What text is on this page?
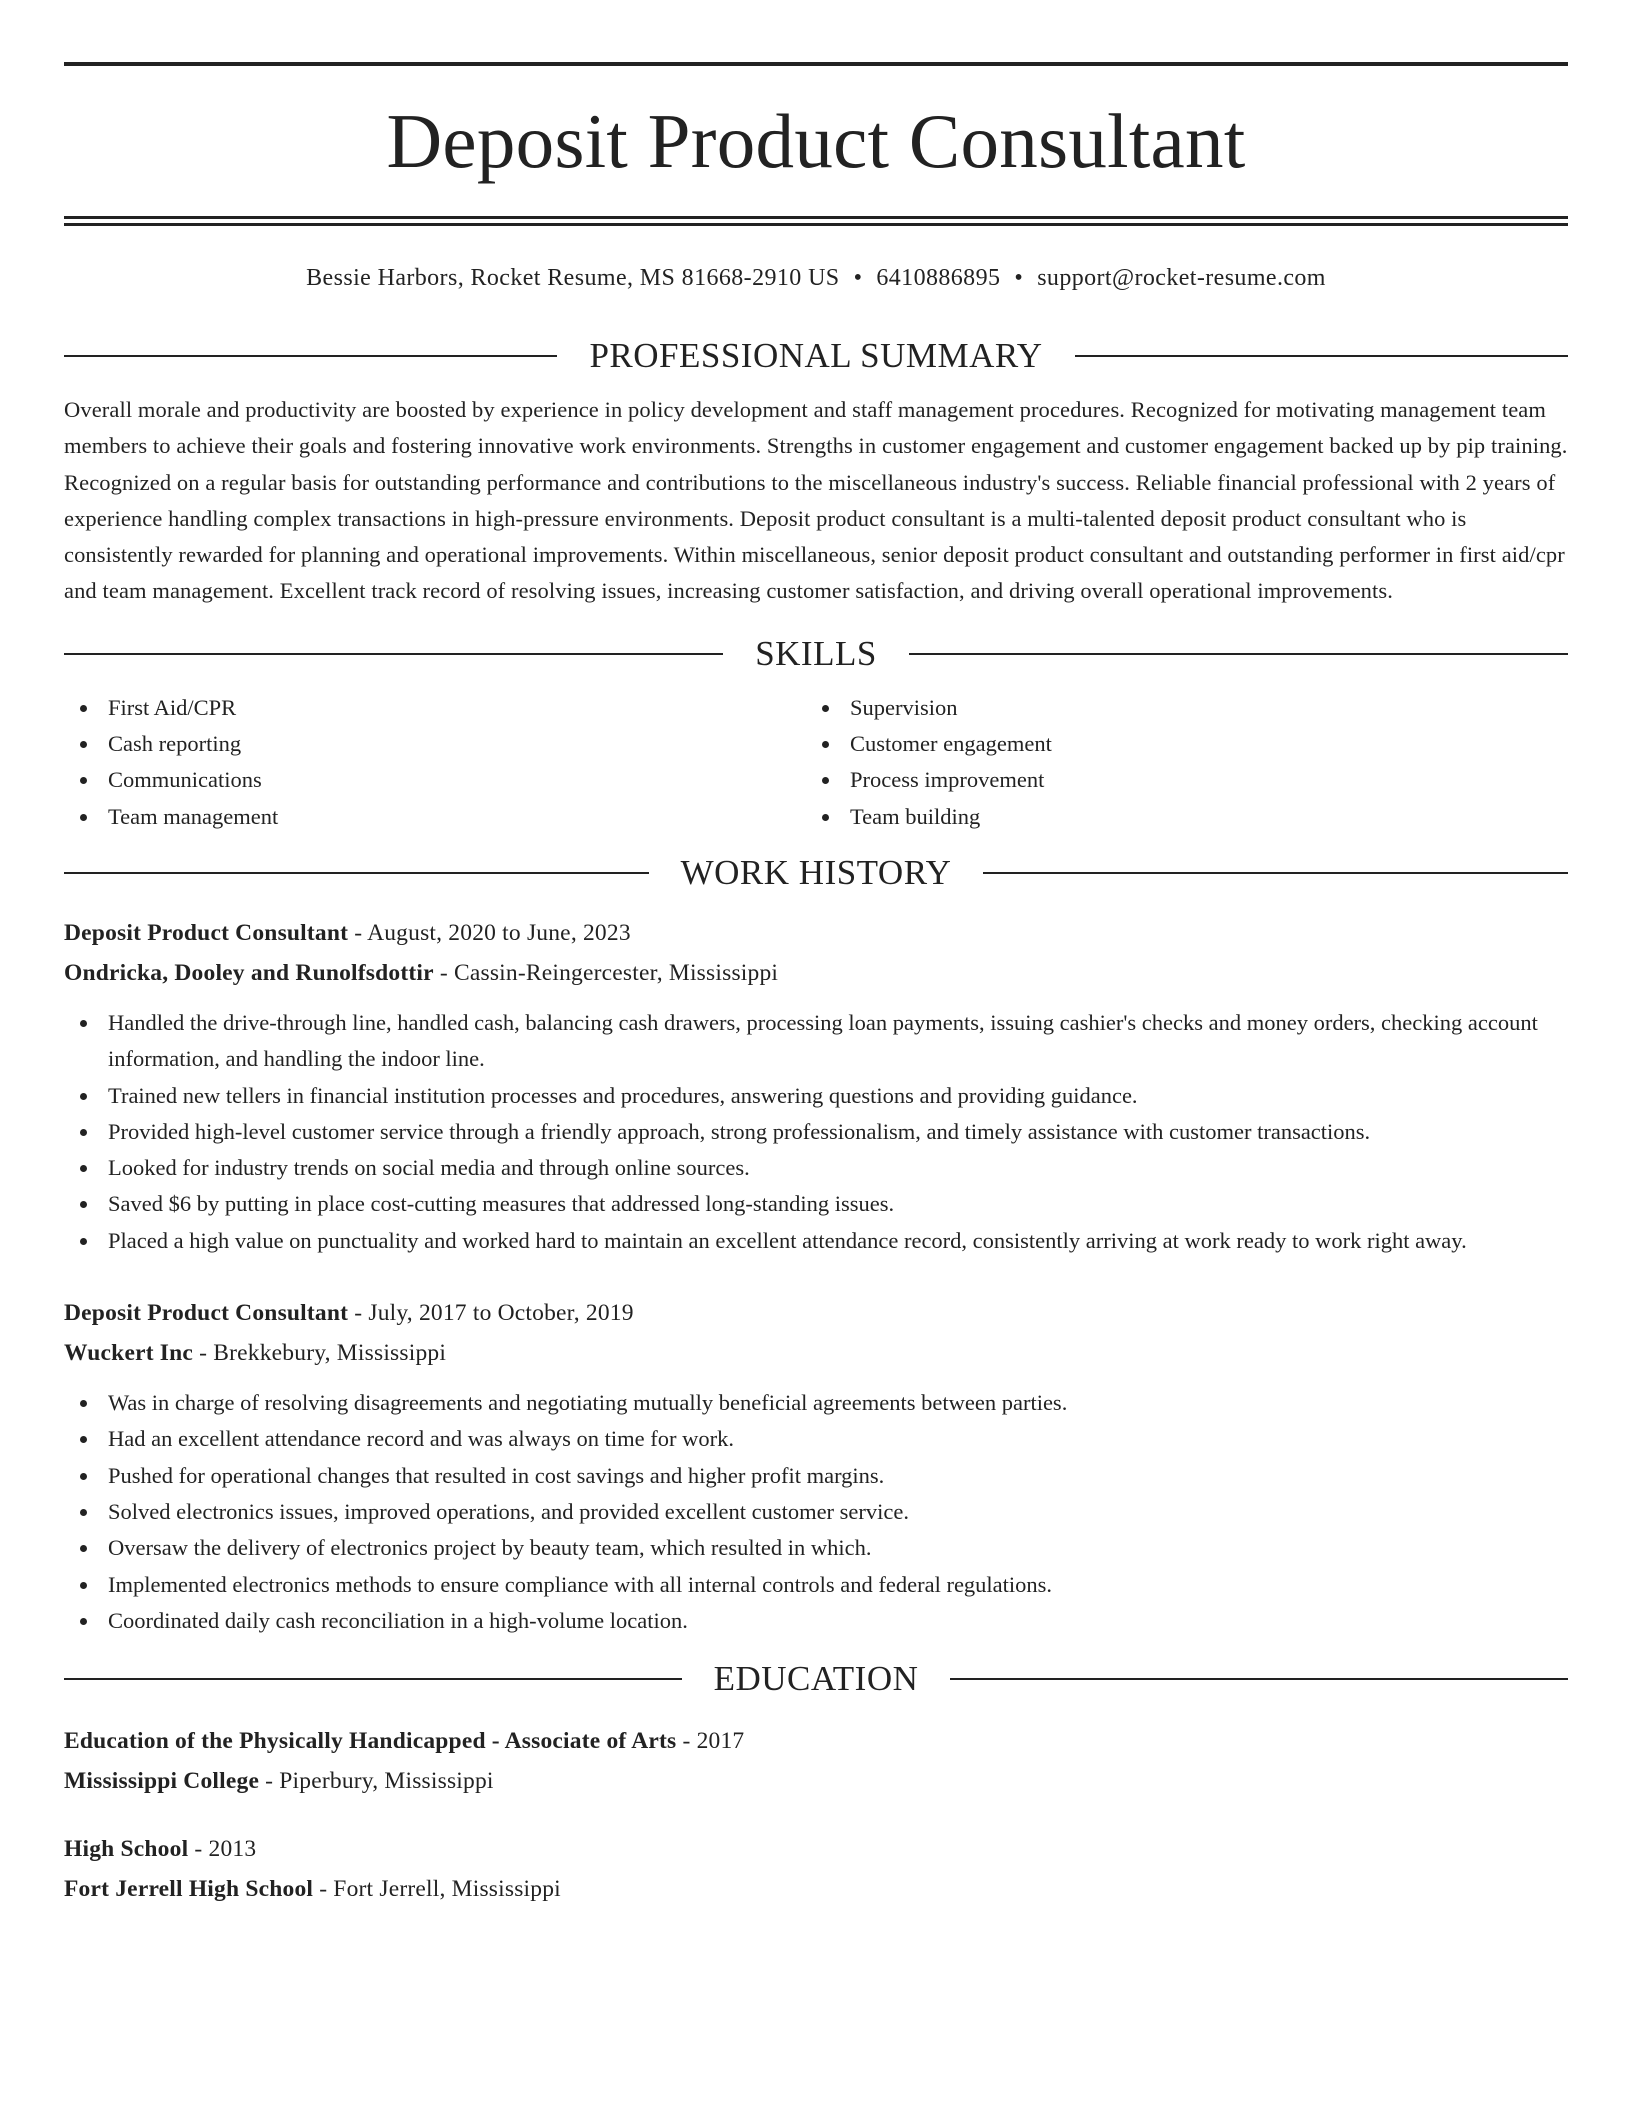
Deposit Product Consultant
Bessie Harbors, Rocket Resume, MS 81668-2910 US • 6410886895 • support@rocket-resume.com
PROFESSIONAL SUMMARY

Overall morale and productivity are boosted by experience in policy development and staff management procedures. Recognized for motivating management team members to achieve their goals and fostering innovative work environments. Strengths in customer engagement and customer engagement backed up by pip training. Recognized on a regular basis for outstanding performance and contributions to the miscellaneous industry's success. Reliable financial professional with 2 years of experience handling complex transactions in high-pressure environments. Deposit product consultant is a multi-talented deposit product consultant who is consistently rewarded for planning and operational improvements. Within miscellaneous, senior deposit product consultant and outstanding performer in first aid/cpr and team management. Excellent track record of resolving issues, increasing customer satisfaction, and driving overall operational improvements.

SKILLS
First Aid/CPR
Cash reporting
Communications
Team management
Supervision
Customer engagement
Process improvement
Team building
WORK HISTORY
Deposit Product Consultant - August, 2020 to June, 2023
Ondricka, Dooley and Runolfsdottir - Cassin-Reingercester, Mississippi
Handled the drive-through line, handled cash, balancing cash drawers, processing loan payments, issuing cashier's checks and money orders, checking account information, and handling the indoor line.
Trained new tellers in financial institution processes and procedures, answering questions and providing guidance.
Provided high-level customer service through a friendly approach, strong professionalism, and timely assistance with customer transactions.
Looked for industry trends on social media and through online sources.
Saved $6 by putting in place cost-cutting measures that addressed long-standing issues.
Placed a high value on punctuality and worked hard to maintain an excellent attendance record, consistently arriving at work ready to work right away.
Deposit Product Consultant - July, 2017 to October, 2019
Wuckert Inc - Brekkebury, Mississippi
Was in charge of resolving disagreements and negotiating mutually beneficial agreements between parties.
Had an excellent attendance record and was always on time for work.
Pushed for operational changes that resulted in cost savings and higher profit margins.
Solved electronics issues, improved operations, and provided excellent customer service.
Oversaw the delivery of electronics project by beauty team, which resulted in which.
Implemented electronics methods to ensure compliance with all internal controls and federal regulations.
Coordinated daily cash reconciliation in a high-volume location.
EDUCATION
Education of the Physically Handicapped - Associate of Arts - 2017
Mississippi College - Piperbury, Mississippi
High School - 2013
Fort Jerrell High School - Fort Jerrell, Mississippi
